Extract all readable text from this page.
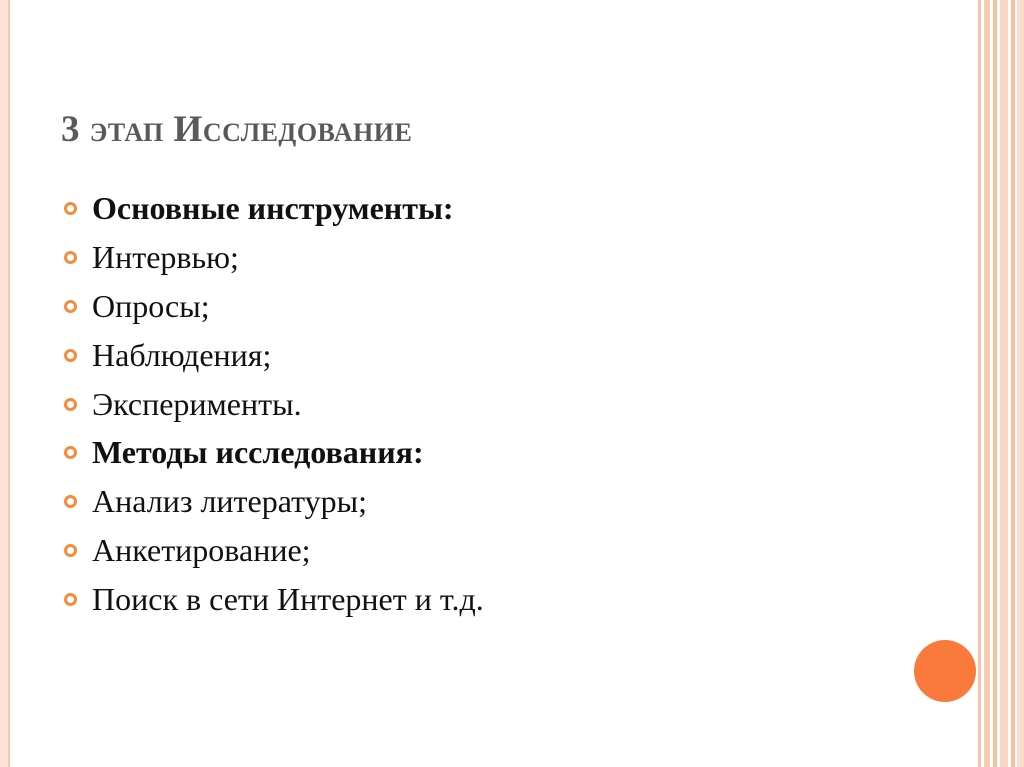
3 этап Исследование
Основные инструменты:
Интервью;
Опросы;
Наблюдения;
Эксперименты.
Методы исследования:
Анализ литературы;
Анкетирование;
Поиск в сети Интернет и т.д.
